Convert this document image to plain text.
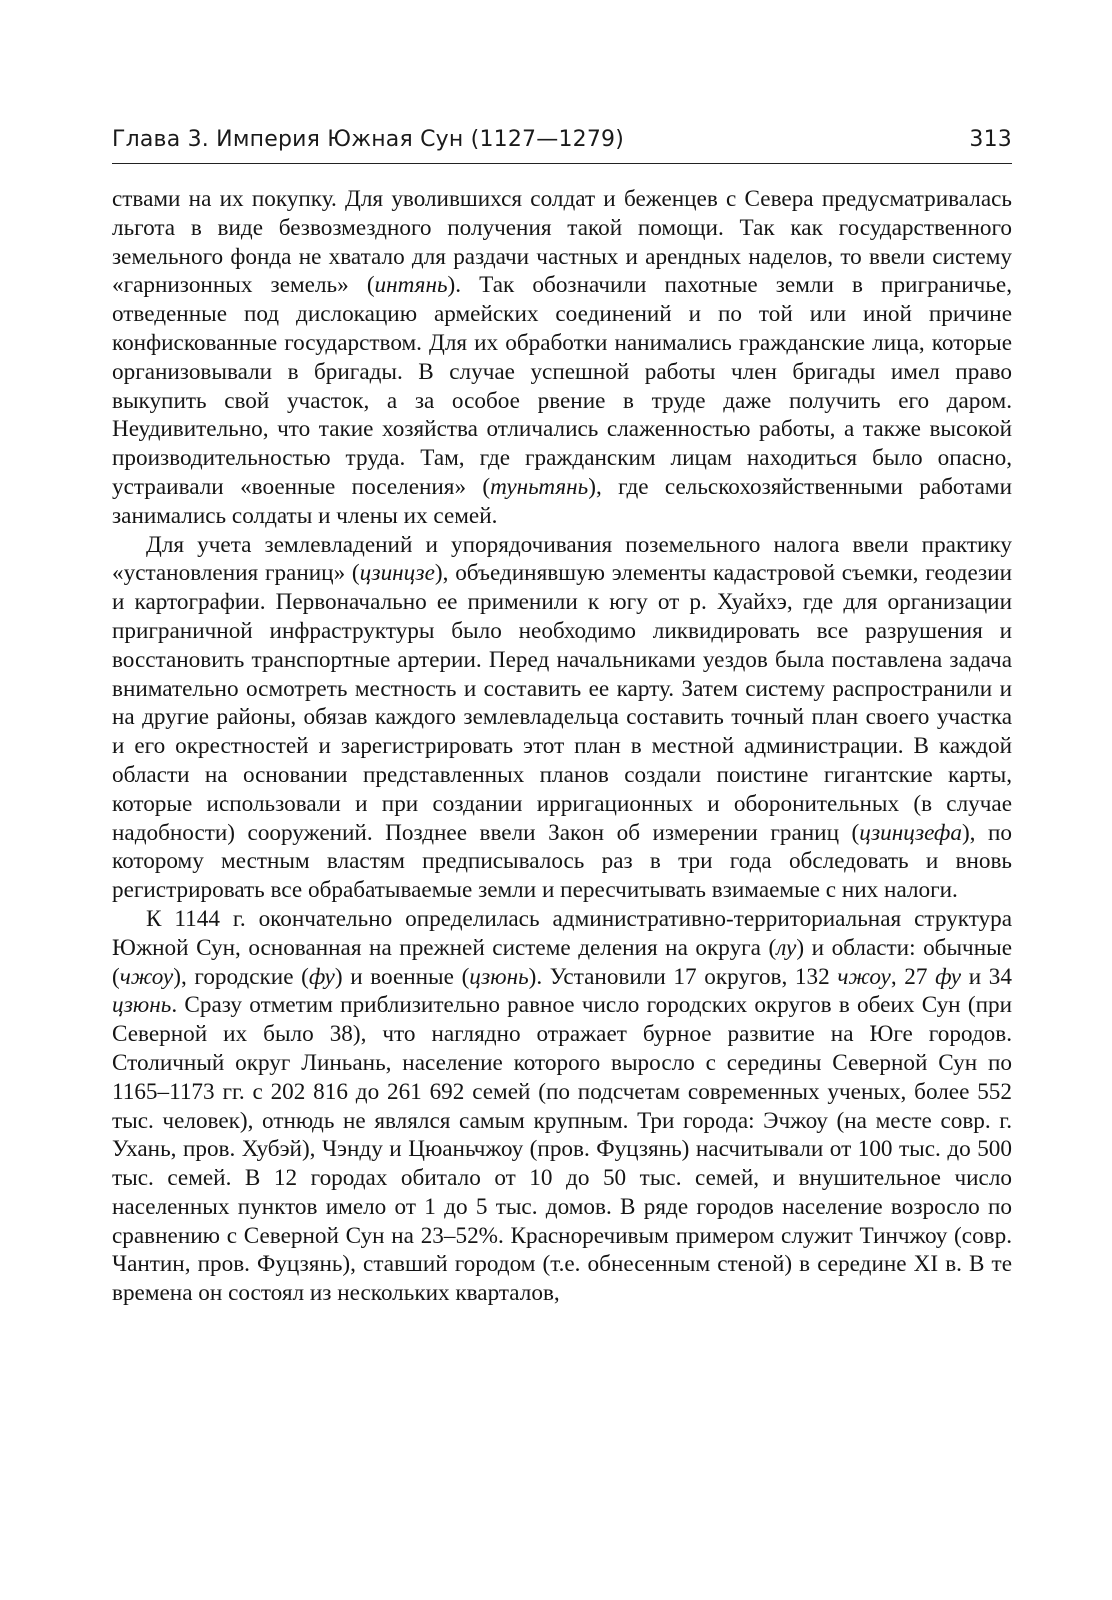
Глава 3. Империя Южная Сун (1127—1279)	313

ствами на их покупку. Для уволившихся солдат и беженцев с Севера предусматривалась льгота в виде безвозмездного получения такой помощи. Так как государственного земельного фонда не хватало для раздачи частных и арендных наделов, то ввели систему «гарнизонных земель» (интянь). Так обозначили пахотные земли в приграничье, отведенные под дислокацию армейских соединений и по той или иной причине конфискованные государством. Для их обработки нанимались гражданские лица, которые организовывали в бригады. В случае успешной работы член бригады имел право выкупить свой участок, а за особое рвение в труде даже получить его даром. Неудивительно, что такие хозяйства отличались слаженностью работы, а также высокой производительностью труда. Там, где гражданским лицам находиться было опасно, устраивали «военные поселения» (туньтянь), где сельскохозяйственными работами занимались солдаты и члены их семей.

Для учета землевладений и упорядочивания поземельного налога ввели практику «установления границ» (цзинцзе), объединявшую элементы кадастровой съемки, геодезии и картографии. Первоначально ее применили к югу от р. Хуайхэ, где для организации приграничной инфраструктуры было необходимо ликвидировать все разрушения и восстановить транспортные артерии. Перед начальниками уездов была поставлена задача внимательно осмотреть местность и составить ее карту. Затем систему распространили и на другие районы, обязав каждого землевладельца составить точный план своего участка и его окрестностей и зарегистрировать этот план в местной администрации. В каждой области на основании представленных планов создали поистине гигантские карты, которые использовали и при создании ирригационных и оборонительных (в случае надобности) сооружений. Позднее ввели Закон об измерении границ (цзинцзефа), по которому местным властям предписывалось раз в три года обследовать и вновь регистрировать все обрабатываемые земли и пересчитывать взимаемые с них налоги.

К 1144 г. окончательно определилась административно-территориальная структура Южной Сун, основанная на прежней системе деления на округа (лу) и области: обычные (чжоу), городские (фу) и военные (цзюнь). Установили 17 округов, 132 чжоу, 27 фу и 34 цзюнь. Сразу отметим приблизительно равное число городских округов в обеих Сун (при Северной их было 38), что наглядно отражает бурное развитие на Юге городов. Столичный округ Линьань, население которого выросло с середины Северной Сун по 1165–1173 гг. с 202 816 до 261 692 семей (по подсчетам современных ученых, более 552 тыс. человек), отнюдь не являлся самым крупным. Три города: Эчжоу (на месте совр. г. Ухань, пров. Хубэй), Чэнду и Цюаньчжоу (пров. Фуцзянь) насчитывали от 100 тыс. до 500 тыс. семей. В 12 городах обитало от 10 до 50 тыс. семей, и внушительное число населенных пунктов имело от 1 до 5 тыс. домов. В ряде городов население возросло по сравнению с Северной Сун на 23–52%. Красноречивым примером служит Тинчжоу (совр. Чантин, пров. Фуцзянь), ставший городом (т.е. обнесенным стеной) в середине XI в. В те времена он состоял из нескольких кварталов,
